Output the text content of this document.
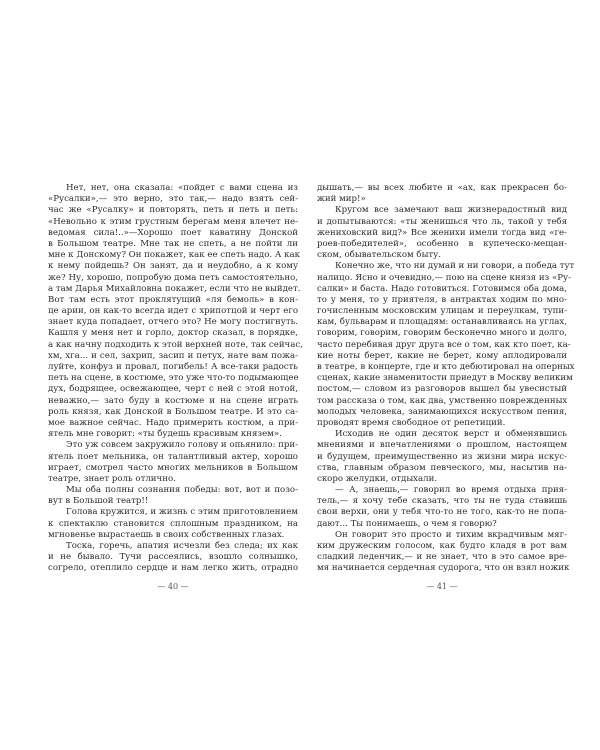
Нет, нет, она сказала: «пойдет с вами сцена из
«Русалки»,— это верно, это так,— надо взять сей-
час же «Русалку» и повторять, петь и петь и петь:
«Невольно к этим грустным берегам меня влечет не-
ведомая сила!..»—Хорошо поет каватину Донской
в Большом театре. Мне так не спеть, а не пойти ли
мне к Донскому? Он покажет, как ее спеть надо. А как
к нему пойдешь? Он занят, да и неудобно, а к кому
же? Ну, хорошо, попробую дома петь самостоятельно,
а там Дарья Михайловна покажет, если что не выйдет.
Вот там есть этот проклятущий «ля бемоль» в кон-
це арии, он как-то всегда идет с хрипотцой и черт его
знает куда попадает, отчего это? Не могу постигнуть.
Кашля у меня нет и горло, доктор сказал, в порядке,
а как начну подходить к этой верхней ноте, так сейчас,
хм, хга... и сел, захрип, засип и петух, нате вам пожа-
луйте, конфуз и провал, погибель! А все-таки радость
петь на сцене, в костюме, это уже что-то подымающее
дух, бодрящее, освежающее, черт с ней с этой нотой,
неважно,— зато буду в костюме и на сцене играть
роль князя, как Донской в Большом театре. И это са-
мое важное сейчас. Надо примерить костюм, а при-
ятель мне говорит: «ты будешь красивым князем».
Это уж совсем закружило голову и опьянило: при-
ятель поет мельника, он талантливый актер, хорошо
играет, смотрел часто многих мельников в Большом
театре, знает роль отлично.
Мы оба полны сознания победы: вот, вот и позо-
вут в Большой театр!!
Голова кружится, и жизнь с этим приготовлением
к спектаклю становится сплошным праздником, на
мгновенье вырастаешь в своих собственных глазах.
Тоска, горечь, апатия исчезли без следа; их как
и не бывало. Тучи рассеялись, взошло солнышко,
согрело, отеплило сердце и нам легко жить, отрадно
дышать,— вы всех любите и «ах, как прекрасен бо-
жий мир!»
Кругом все замечают ваш жизнерадостный вид
и допытываются: «ты женишься что ль, такой у тебя
жениховский вид?» Все женихи имели тогда вид «ге-
роев-победителей», особенно в купеческо-мещан-
ском, обывательском быту.
Конечно же, что ни думай и ни говори, а победа тут
налицо. Ясно и очевидно,— пою на сцене князя из «Ру-
салки» и баста. Надо готовиться. Готовимся оба дома,
то у меня, то у приятеля, в антрактах ходим по мно-
гочисленным московским улицам и переулкам, тупи-
кам, бульварам и площадям: останавливаясь на углах,
говорим, говорим, говорим бесконечно много и долго,
часто перебивая друг друга все о том, как кто поет, ка-
кие ноты берет, какие не берет, кому аплодировали
в театре, в концерте, где и кто дебютировал на оперных
сценах, какие знаменитости приедут в Москву великим
постом,— словом из разговоров вышел бы увесистый
том рассказа о том, как два, умственно поврежденных
молодых человека, занимающихся искусством пения,
проводят время свободное от репетиций.
Исходив не один десяток верст и обменявшись
мнениями и впечатлениями о прошлом, настоящем
и будущем, преимущественно из жизни мира искус-
ства, главным образом певческого, мы, насытив на-
скоро желудки, отдыхали.
— А, знаешь,— говорил во время отдыха прия-
тель,— я хочу тебе сказать, что ты не туда ставишь
свои верхи, они у тебя что-то не того, как-то не попа-
дают... Ты понимаешь, о чем я говорю?
Он говорит это просто и тихим вкрадчивым мяг-
ким дружеским голосом, как будто кладя в рот вам
сладкий леденчик,— и не знает, что в это самое вре-
мя начинается сердечная судорога, что он взял ножик
— 40 —	— 41 —
